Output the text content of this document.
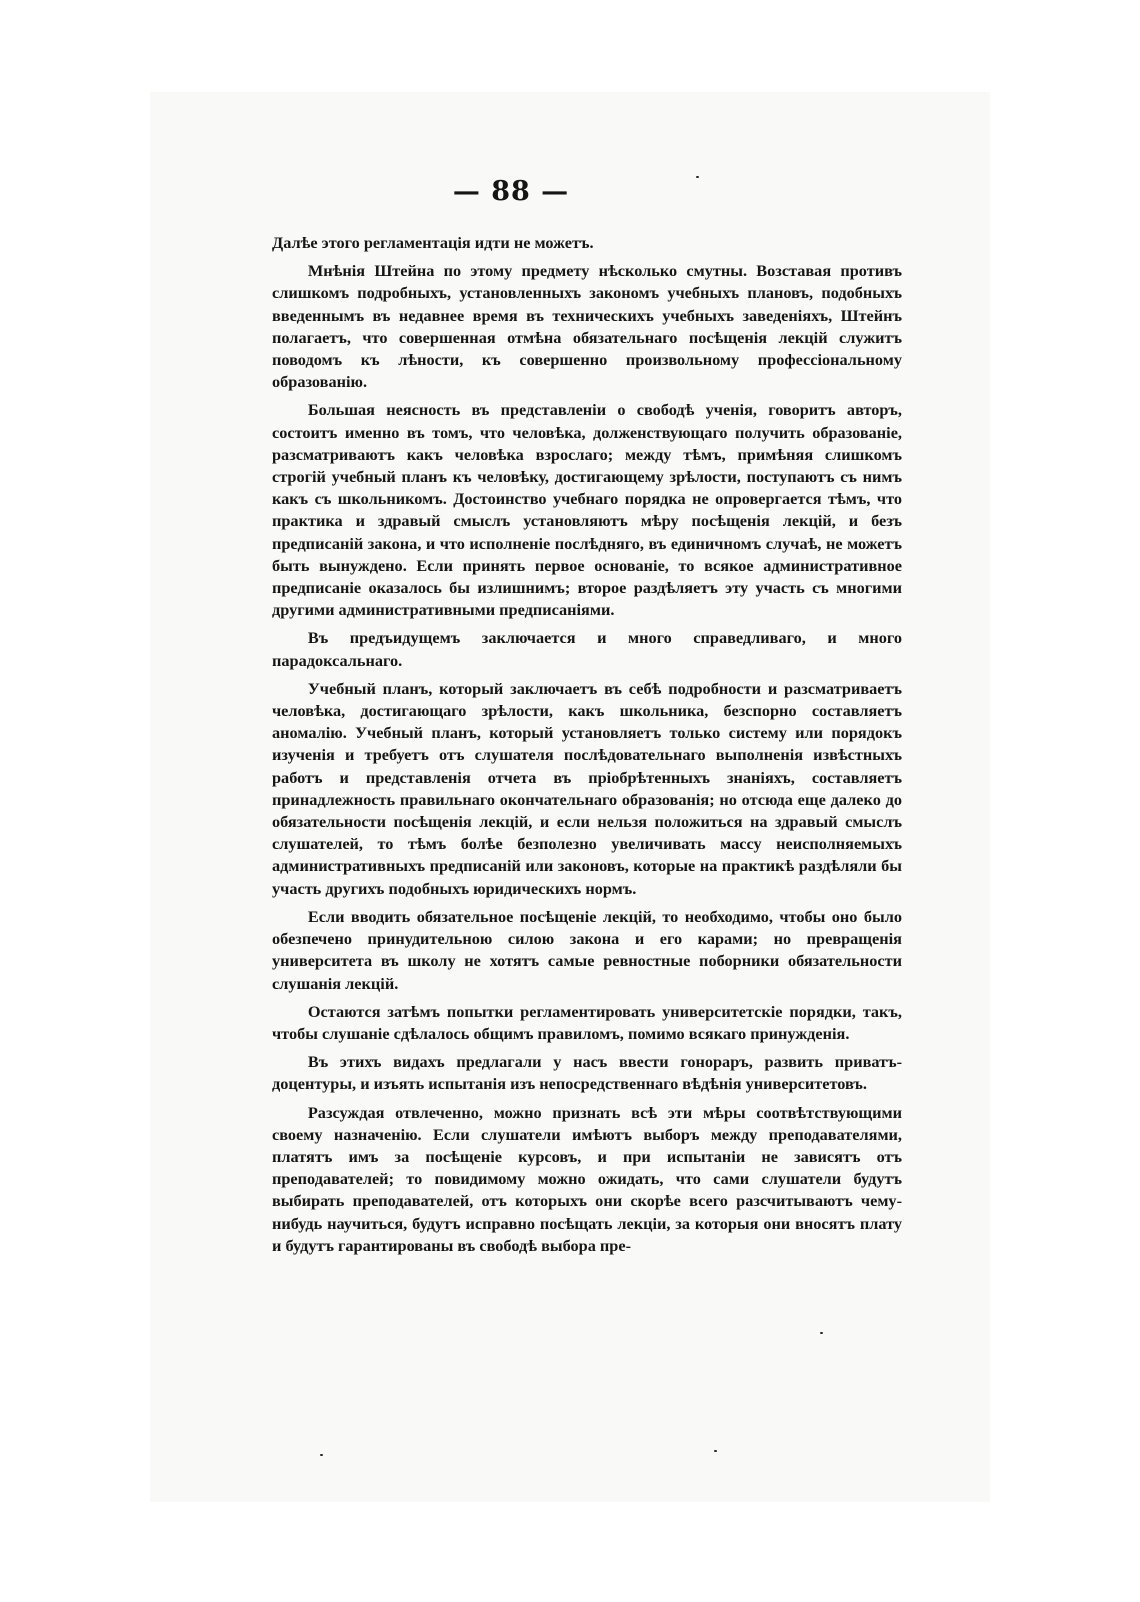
— 88 —

Далѣе этого регламентація идти не можетъ.

Мнѣнія Штейна по этому предмету нѣсколько смутны. Возставая противъ слишкомъ подробныхъ, установленныхъ закономъ учебныхъ плановъ, подобныхъ введеннымъ въ недавнее время въ техническихъ учебныхъ заведеніяхъ, Штейнъ полагаетъ, что совершенная отмѣна обязательнаго посѣщенія лекцій служитъ поводомъ къ лѣности, къ совершенно произвольному профессіональному образованію.

Большая неясность въ представленіи о свободѣ ученія, говоритъ авторъ, состоитъ именно въ томъ, что человѣка, долженствующаго получить образованіе, разсматриваютъ какъ человѣка взрослаго; между тѣмъ, примѣняя слишкомъ строгій учебный планъ къ человѣку, достигающему зрѣлости, поступаютъ съ нимъ какъ съ школьникомъ. Достоинство учебнаго порядка не опровергается тѣмъ, что практика и здравый смыслъ установляютъ мѣру посѣщенія лекцій, и безъ предписаній закона, и что исполненіе послѣдняго, въ единичномъ случаѣ, не можетъ быть вынуждено. Если принять первое основаніе, то всякое административное предписаніе оказалось бы излишнимъ; второе раздѣляетъ эту участь съ многими другими административными предписаніями.

Въ предъидущемъ заключается и много справедливаго, и много парадоксальнаго.

Учебный планъ, который заключаетъ въ себѣ подробности и разсматриваетъ человѣка, достигающаго зрѣлости, какъ школьника, безспорно составляетъ аномалію. Учебный планъ, который установляетъ только систему или порядокъ изученія и требуетъ отъ слушателя послѣдовательнаго выполненія извѣстныхъ работъ и представленія отчета въ пріобрѣтенныхъ знаніяхъ, составляетъ принадлежность правильнаго окончательнаго образованія; но отсюда еще далеко до обязательности посѣщенія лекцій, и если нельзя положиться на здравый смыслъ слушателей, то тѣмъ болѣе безполезно увеличивать массу неисполняемыхъ административныхъ предписаній или законовъ, которые на практикѣ раздѣляли бы участь другихъ подобныхъ юридическихъ нормъ.

Если вводить обязательное посѣщеніе лекцій, то необходимо, чтобы оно было обезпечено принудительною силою закона и его карами; но превращенія университета въ школу не хотятъ самые ревностные поборники обязательности слушанія лекцій.

Остаются затѣмъ попытки регламентировать университетскіе порядки, такъ, чтобы слушаніе сдѣлалось общимъ правиломъ, помимо всякаго принужденія.

Въ этихъ видахъ предлагали у насъ ввести гонораръ, развить приватъ-доцентуры, и изъять испытанія изъ непосредственнаго вѣдѣнія университетовъ.

Разсуждая отвлеченно, можно признать всѣ эти мѣры соотвѣтствующими своему назначенію. Если слушатели имѣютъ выборъ между преподавателями, платятъ имъ за посѣщеніе курсовъ, и при испытаніи не зависятъ отъ преподавателей; то повидимому можно ожидать, что сами слушатели будутъ выбирать преподавателей, отъ которыхъ они скорѣе всего разсчитываютъ чему-нибудь научиться, будутъ исправно посѣщать лекціи, за которыя они вносятъ плату и будутъ гарантированы въ свободѣ выбора пре-
